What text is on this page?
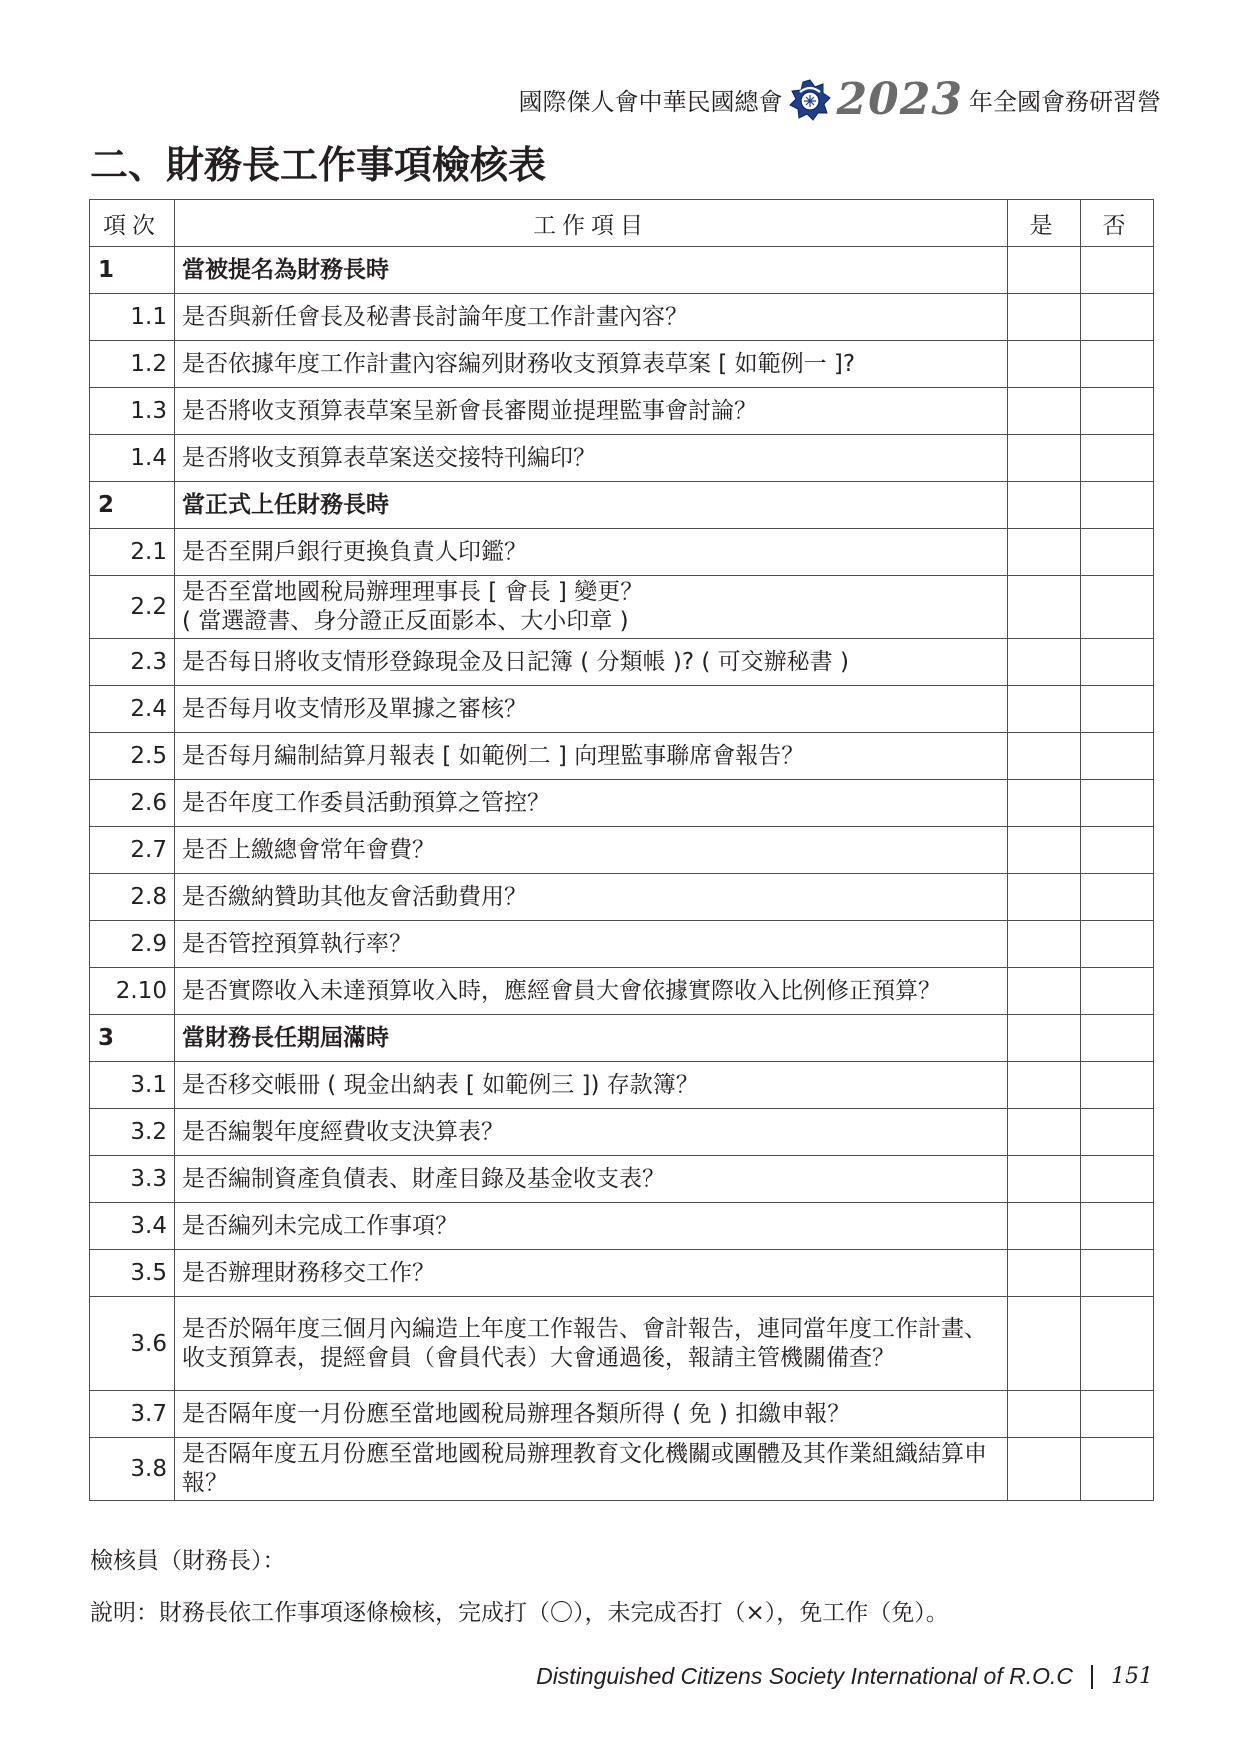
國際傑人會中華民國總會 2023 年全國會務研習營
二、財務長工作事項檢核表
項次	工作項目	是	否
1	當被提名為財務長時		
1.1	是否與新任會長及秘書長討論年度工作計畫內容？		
1.2	是否依據年度工作計畫內容編列財務收支預算表草案 [ 如範例一 ]?		
1.3	是否將收支預算表草案呈新會長審閱並提理監事會討論？		
1.4	是否將收支預算表草案送交接特刊編印？		
2	當正式上任財務長時		
2.1	是否至開戶銀行更換負責人印鑑？		
2.2	是否至當地國稅局辦理理事長 [ 會長 ] 變更？
( 當選證書、身分證正反面影本、大小印章 )		
2.3	是否每日將收支情形登錄現金及日記簿 ( 分類帳 )? ( 可交辦秘書 )		
2.4	是否每月收支情形及單據之審核？		
2.5	是否每月編制結算月報表 [ 如範例二 ] 向理監事聯席會報告？		
2.6	是否年度工作委員活動預算之管控？		
2.7	是否上繳總會常年會費？		
2.8	是否繳納贊助其他友會活動費用？		
2.9	是否管控預算執行率？		
2.10	是否實際收入未達預算收入時，應經會員大會依據實際收入比例修正預算？		
3	當財務長任期屆滿時		
3.1	是否移交帳冊 ( 現金出納表 [ 如範例三 ]) 存款簿？		
3.2	是否編製年度經費收支決算表？		
3.3	是否編制資產負債表、財產目錄及基金收支表？		
3.4	是否編列未完成工作事項？		
3.5	是否辦理財務移交工作？		
3.6	是否於隔年度三個月內編造上年度工作報告、會計報告，連同當年度工作計畫、收支預算表，提經會員（會員代表）大會通過後，報請主管機關備查？		
3.7	是否隔年度一月份應至當地國稅局辦理各類所得 ( 免 ) 扣繳申報？		
3.8	是否隔年度五月份應至當地國稅局辦理教育文化機關或團體及其作業組織結算申報？		
檢核員（財務長）：
說明：財務長依工作事項逐條檢核，完成打（〇），未完成否打（×），免工作（免）。
Distinguished Citizens Society International of R.O.C 151
